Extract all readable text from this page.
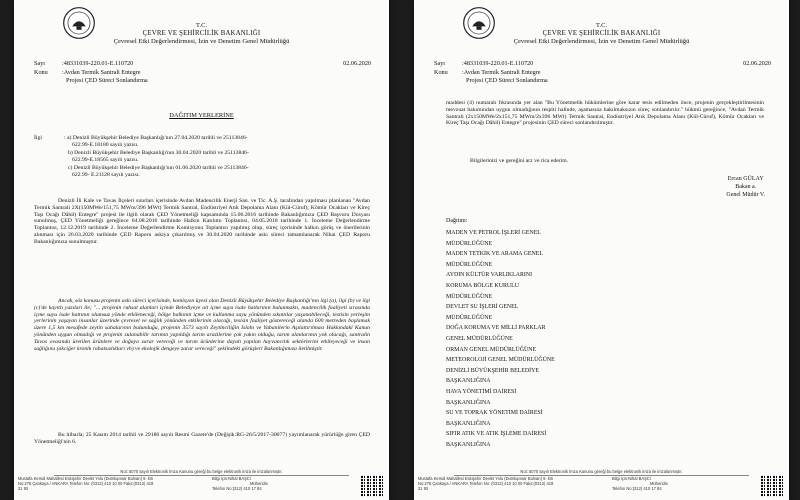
T.C.
ÇEVRE VE ŞEHİRCİLİK BAKANLIĞI
Çevresel Etki Değerlendirmesi, İzin ve Denetim Genel Müdürlüğü
Sayı	:48331039-220.01-E.110720
Konu :Avdan Termik Santrali Entegre
Projesi ÇED Süreci Sonlandırma
02.06.2020
DAĞITIM YERLERİNE
İlgi	: a) Denizli Büyükşehir Belediye Başkanlığı'nın 27.04.2020 tarihli ve 25113846-
622.99-E.18180 sayılı yazısı.
b) Denizli Büyükşehir Belediye Başkanlığı'nın 30.04.2020 tarihli ve 25113846-
622.99-E.18565 sayılı yazısı.
c) Denizli Büyükşehir Belediye Başkanlığı'nın 01.06.2020 tarihli ve 25113846-
622.99- E.21128 sayılı yazısı.
Denizli İli Kale ve Tavas İlçeleri sınırları içerisinde Avdan Madencilik Enerji San. ve Tic. A.Ş. tarafından yapılması planlanan "Avdan Termik Santrali 2X(150MWe/151,75 MWm/396 MWt) Termik Santral, Endüstriyel Atık Depolama Alanı (Kül-Cüruf), Kömür Ocakları ve Kireç Taşı Ocağı Dâhil) Entegre" projesi ile ilgili olarak ÇED Yönetmeliği kapsamında 15.06.2016 tarihinde Bakanlığımıza ÇED Başvuru Dosyası sunulmuş, ÇED Yönetmeliği gereğince 04.08.2016 tarihinde Halkın Katılımı Toplantısı, 04.05.2018 tarihinde 1. İnceleme Değerlendirme Toplantısı, 12.12.2019 tarihinde 2. İnceleme Değerlendirme Komisyonu Toplantısı yapılmış olup, süreç içerisinde halkın görüş ve önerilerinin alınması için 26.03.2020 tarihinde ÇED Raporu askıya çıkarılmış ve 30.04.2020 tarihinde askı süreci tamamlanarak Nihai ÇED Raporu Bakanlığımıza sunulmuştur.
Ancak, söz konusu projenin askı süreci içerisinde, komisyon üyesi olan Denizli Büyükşehir Belediye Başkanlığı'nın ilgi (a), ilgi (b) ve ilgi (c)'de kayıtlı yazıları ile; "... projenin ruhsat alanları içinde Belediyeye ait içme suyu isale hatlarının bulunmaktı, madencilik faaliyeti sırasında içme suyu isale hattının olumsuz yönde etkileneceği, bölge halkının içme ve kullanma suyu yönünden sıkıntılar yaşanabileceği, testisin yerleşim yerlerinin yaşayan insanlar üzerinde çevresel ve sağlık yönünden etkilerinin olacağı, tesisin faaliyet göstereceği alanda 600 metreden başlamak üzere 1,5 km mesafede zeytin sahalarının bulunduğu, projenin 3573 sayılı Zeytinciliğin Islahı ve Yabanilerin Aşılattırılması Hakkındaki Kanun yönünden uygun olmadığı ve projenin sulanabilir tarımın yapıldığı tarım arazilerine çok yakın olduğu, tarım alanlarının yok olacağı, santralin Tavas ovasında üretilen ürünlere ve doğaya zarar vereceği ve tarım ürünlerine dayalı yapılan hayvancılık sektörlerini etkileyeceği ve insan sağlığına (akciğer kronik rahatsızlıkları vb) ve ekolojik dengeye zarar vereceği" şeklindeki görüşleri Bakanlığımıza iletilmiştir.
Bu itibarla; 25 Kasım 2014 tarihli ve 29186 sayılı Resmi Gazete'de (Değişik:RG-26/5/2017-30077) yayımlanarak yürürlüğe giren ÇED Yönetmeliği'nin 6.
Not: 5070 sayılı Elektronik İmza Kanunu gereği bu belge elektronik imza ile imzalanmıştır.
Mustafa Kemal Mahallesi Eskişehir Devlet Yolu (Dumlupınar Bulvarı) 9. km
No:278 Çankaya / ANKARA Telefon No: (0312) 410 10 00 Faks:(0312) 419
21 92
Bilgi için:Nihal BAŞCI
Mühendis
Telefon No:(312) 410 17 84
T.C.
ÇEVRE VE ŞEHİRCİLİK BAKANLIĞI
Çevresel Etki Değerlendirmesi, İzin ve Denetim Genel Müdürlüğü
Sayı	:48331039-220.01-E.110720
Konu :Avdan Termik Santrali Entegre
Projesi ÇED Süreci Sonlandırma
02.06.2020
maddesi (4) numaralı fıkrasında yer alan "Bu Yönetmelik hükümlerine göre karar tesis edilmeden önce, projenin gerçekleştirilmesinin mevzuat bakımından uygun olmadığının tespiti halinde, aşamasına bakılmaksızın süreç sonlandırılır." hükmü gereğince, "Avdan Termik Santrali (2x150MWe/2x151,75 MWm/2x396 MWt) Termik Santral, Endüstriyel Atık Depolama Alanı (Kül-Cüruf), Kömür Ocakları ve Kireç Taşı Ocağı Dâhil) Entegre" projesinin ÇED süreci sonlandırılmıştır.
Bilgilerinizi ve gereğini arz ve rica ederim.
Ercan GÜLAY
Bakan a.
Genel Müdür V.
Dağıtım:
MADEN VE PETROL İŞLERİ GENEL
MÜDÜRLÜĞÜNE
MADEN TETKİK VE ARAMA GENEL
MÜDÜRLÜĞÜNE
AYDIN KÜLTÜR VARLIKLARINI
KORUMA BÖLGE KURULU
MÜDÜRLÜĞÜNE
DEVLET SU İŞLERİ GENEL
MÜDÜRLÜĞÜNE
DOĞA KORUMA VE MİLLİ PARKLAR
GENEL MÜDÜRLÜĞÜNE
ORMAN GENEL MÜDÜRLÜĞÜNE
METEOROLOJİ GENEL MÜDÜRLÜĞÜNE
DENİZLİ BÜYÜKŞEHİR BELEDİYE
BAŞKANLIĞINA
HAVA YÖNETİMİ DAİRESİ
BAŞKANLIĞINA
SU VE TOPRAK YÖNETİMİ DAİRESİ
BAŞKANLIĞINA
SIFIR ATIK VE ATIK İŞLEME DAİRESİ
BAŞKANLIĞINA
Not: 5070 sayılı Elektronik İmza Kanunu gereği bu belge elektronik imza ile imzalanmıştır.
Mustafa Kemal Mahallesi Eskişehir Devlet Yolu (Dumlupınar Bulvarı) 9. km
No:278 Çankaya / ANKARA Telefon No: (0312) 410 10 00 Faks:(0312) 419
21 92
Bilgi için:Nihal BAŞCI
Mühendis
Telefon No:(312) 410 17 84
